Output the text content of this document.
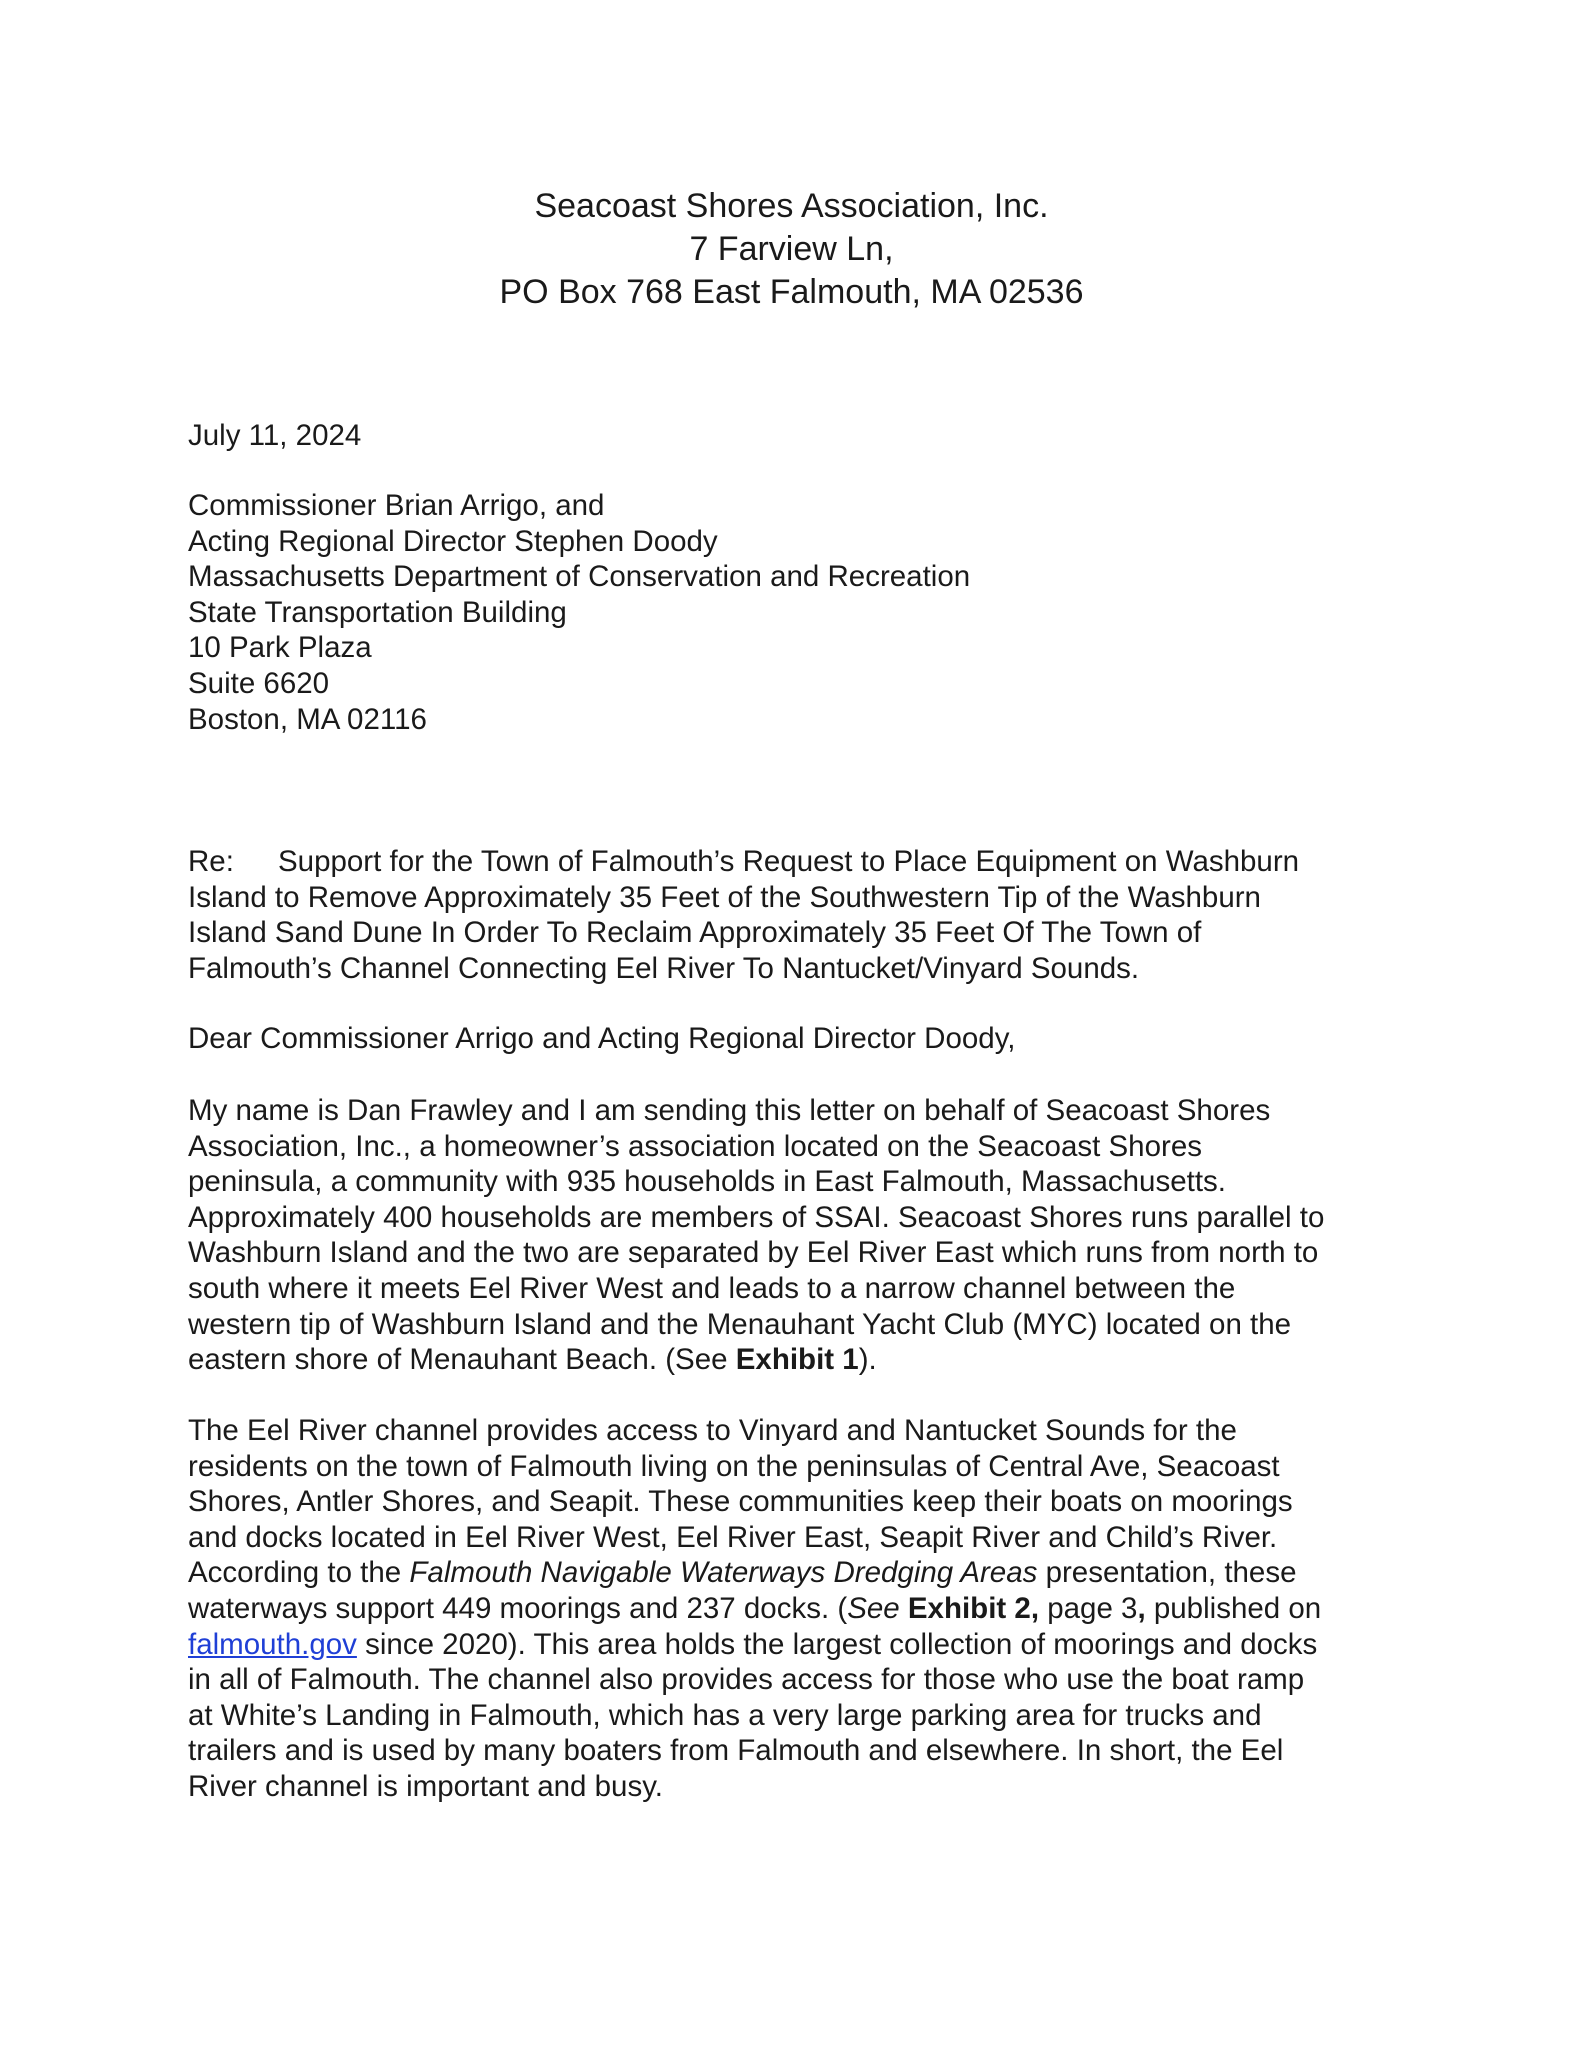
Seacoast Shores Association, Inc.
7 Farview Ln,
PO Box 768 East Falmouth, MA 02536
July 11, 2024
Commissioner Brian Arrigo, and
Acting Regional Director Stephen Doody
Massachusetts Department of Conservation and Recreation
State Transportation Building
10 Park Plaza
Suite 6620
Boston, MA 02116
Re: Support for the Town of Falmouth’s Request to Place Equipment on Washburn
Island to Remove Approximately 35 Feet of the Southwestern Tip of the Washburn
Island Sand Dune In Order To Reclaim Approximately 35 Feet Of The Town of
Falmouth’s Channel Connecting Eel River To Nantucket/Vinyard Sounds.
Dear Commissioner Arrigo and Acting Regional Director Doody,
My name is Dan Frawley and I am sending this letter on behalf of Seacoast Shores
Association, Inc., a homeowner’s association located on the Seacoast Shores
peninsula, a community with 935 households in East Falmouth, Massachusetts.
Approximately 400 households are members of SSAI. Seacoast Shores runs parallel to
Washburn Island and the two are separated by Eel River East which runs from north to
south where it meets Eel River West and leads to a narrow channel between the
western tip of Washburn Island and the Menauhant Yacht Club (MYC) located on the
eastern shore of Menauhant Beach. (See Exhibit 1).
The Eel River channel provides access to Vinyard and Nantucket Sounds for the
residents on the town of Falmouth living on the peninsulas of Central Ave, Seacoast
Shores, Antler Shores, and Seapit. These communities keep their boats on moorings
and docks located in Eel River West, Eel River East, Seapit River and Child’s River.
According to the Falmouth Navigable Waterways Dredging Areas presentation, these
waterways support 449 moorings and 237 docks. (See Exhibit 2, page 3, published on
falmouth.gov since 2020). This area holds the largest collection of moorings and docks
in all of Falmouth. The channel also provides access for those who use the boat ramp
at White’s Landing in Falmouth, which has a very large parking area for trucks and
trailers and is used by many boaters from Falmouth and elsewhere. In short, the Eel
River channel is important and busy.
